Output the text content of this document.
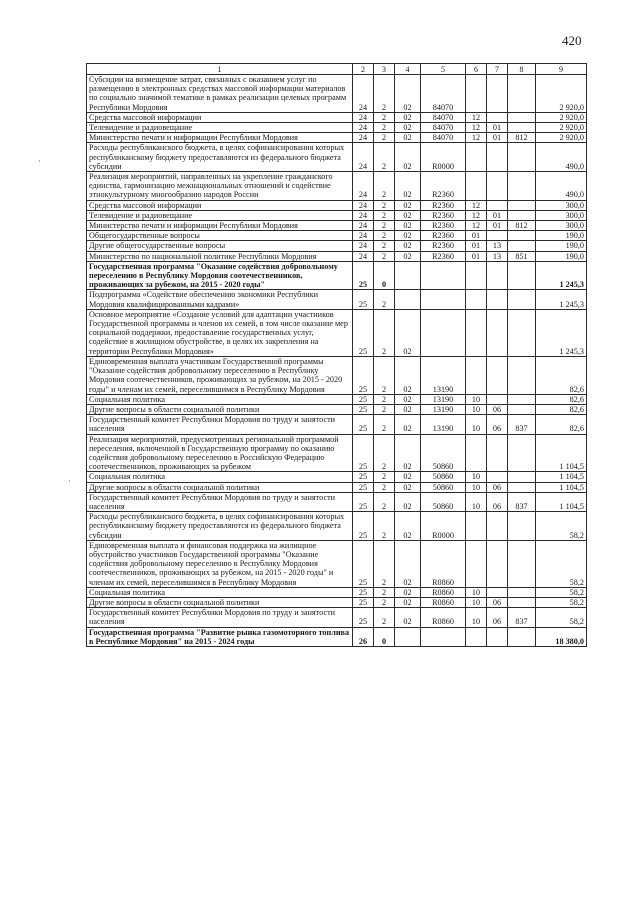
420
·
·
1	2	3	4	5	6	7	8	9
Субсидии на возмещение затрат, связанных с оказанием услуг по размещению в электронных средствах массовой информации материалов по социально значимой тематике в рамках реализации целевых программ Республики Мордовия	24	2	02	84070				2 920,0
Средства массовой информации	24	2	02	84070	12			2 920,0
Телевидение и радиовещание	24	2	02	84070	12	01		2 920,0
Министерство печати и информации Республики Мордовия	24	2	02	84070	12	01	812	2 920,0
Расходы республиканского бюджета, в целях софинансирования которых республиканскому бюджету предоставляются из федерального бюджета субсидии	24	2	02	R0000				490,0
Реализация мероприятий, направленных на укрепление гражданского единства, гармонизацию межнациональных отношений и содействие этнокультурному многообразию народов России	24	2	02	R2360				490,0
Средства массовой информации	24	2	02	R2360	12			300,0
Телевидение и радиовещание	24	2	02	R2360	12	01		300,0
Министерство печати и информации Республики Мордовия	24	2	02	R2360	12	01	812	300,0
Общегосударственные вопросы	24	2	02	R2360	01			190,0
Другие общегосударственные вопросы	24	2	02	R2360	01	13		190,0
Министерство по национальной политике Республики Мордовия	24	2	02	R2360	01	13	851	190,0
Государственная программа "Оказание содействия добровольному переселению в Республику Мордовия соотечественников, проживающих за рубежом, на 2015 - 2020 годы"	25	0						1 245,3
Подпрограмма «Содействие обеспечению экономики Республики Мордовия квалифицированными кадрами»	25	2						1 245,3
Основное мероприятие «Создание условий для адаптации участников Государственной программы и членов их семей, в том числе оказание мер социальной поддержки, предоставление государственных услуг, содействие в жилищном обустройстве, в целях их закрепления на территории Республики Мордовия»	25	2	02					1 245,3
Единовременная выплата участникам Государственной программы "Оказание содействия добровольному переселению в Республику Мордовия соотечественников, проживающих за рубежом, на 2015 - 2020 годы" и членам их семей, переселившимся в Республику Мордовия	25	2	02	13190				82,6
Социальная политика	25	2	02	13190	10			82,6
Другие вопросы в области социальной политики	25	2	02	13190	10	06		82,6
Государственный комитет Республики Мордовия по труду и занятости населения	25	2	02	13190	10	06	837	82,6
Реализация мероприятий, предусмотренных региональной программой переселения, включенной в Государственную программу по оказанию содействия добровольному переселению в Российскую Федерацию соотечественников, проживающих за рубежом	25	2	02	50860				1 104,5
Социальная политика	25	2	02	50860	10			1 104,5
Другие вопросы в области социальной политики	25	2	02	50860	10	06		1 104,5
Государственный комитет Республики Мордовия по труду и занятости населения	25	2	02	50860	10	06	837	1 104,5
Расходы республиканского бюджета, в целях софинансирования которых республиканскому бюджету предоставляются из федерального бюджета субсидии	25	2	02	R0000				58,2
Единовременная выплата и финансовая поддержка на жилищное обустройство участников Государственной программы "Оказание содействия добровольному переселению в Республику Мордовия соотечественников, проживающих за рубежом, на 2015 - 2020 годы" и членам их семей, переселившимся в Республику Мордовия	25	2	02	R0860				58,2
Социальная политика	25	2	02	R0860	10			58,2
Другие вопросы в области социальной политики	25	2	02	R0860	10	06		58,2
Государственный комитет Республики Мордовия по труду и занятости населения	25	2	02	R0860	10	06	837	58,2
Государственная программа "Развитие рынка газомоторного топлива в Республике Мордовия" на 2015 - 2024 годы	26	0						18 380,0
